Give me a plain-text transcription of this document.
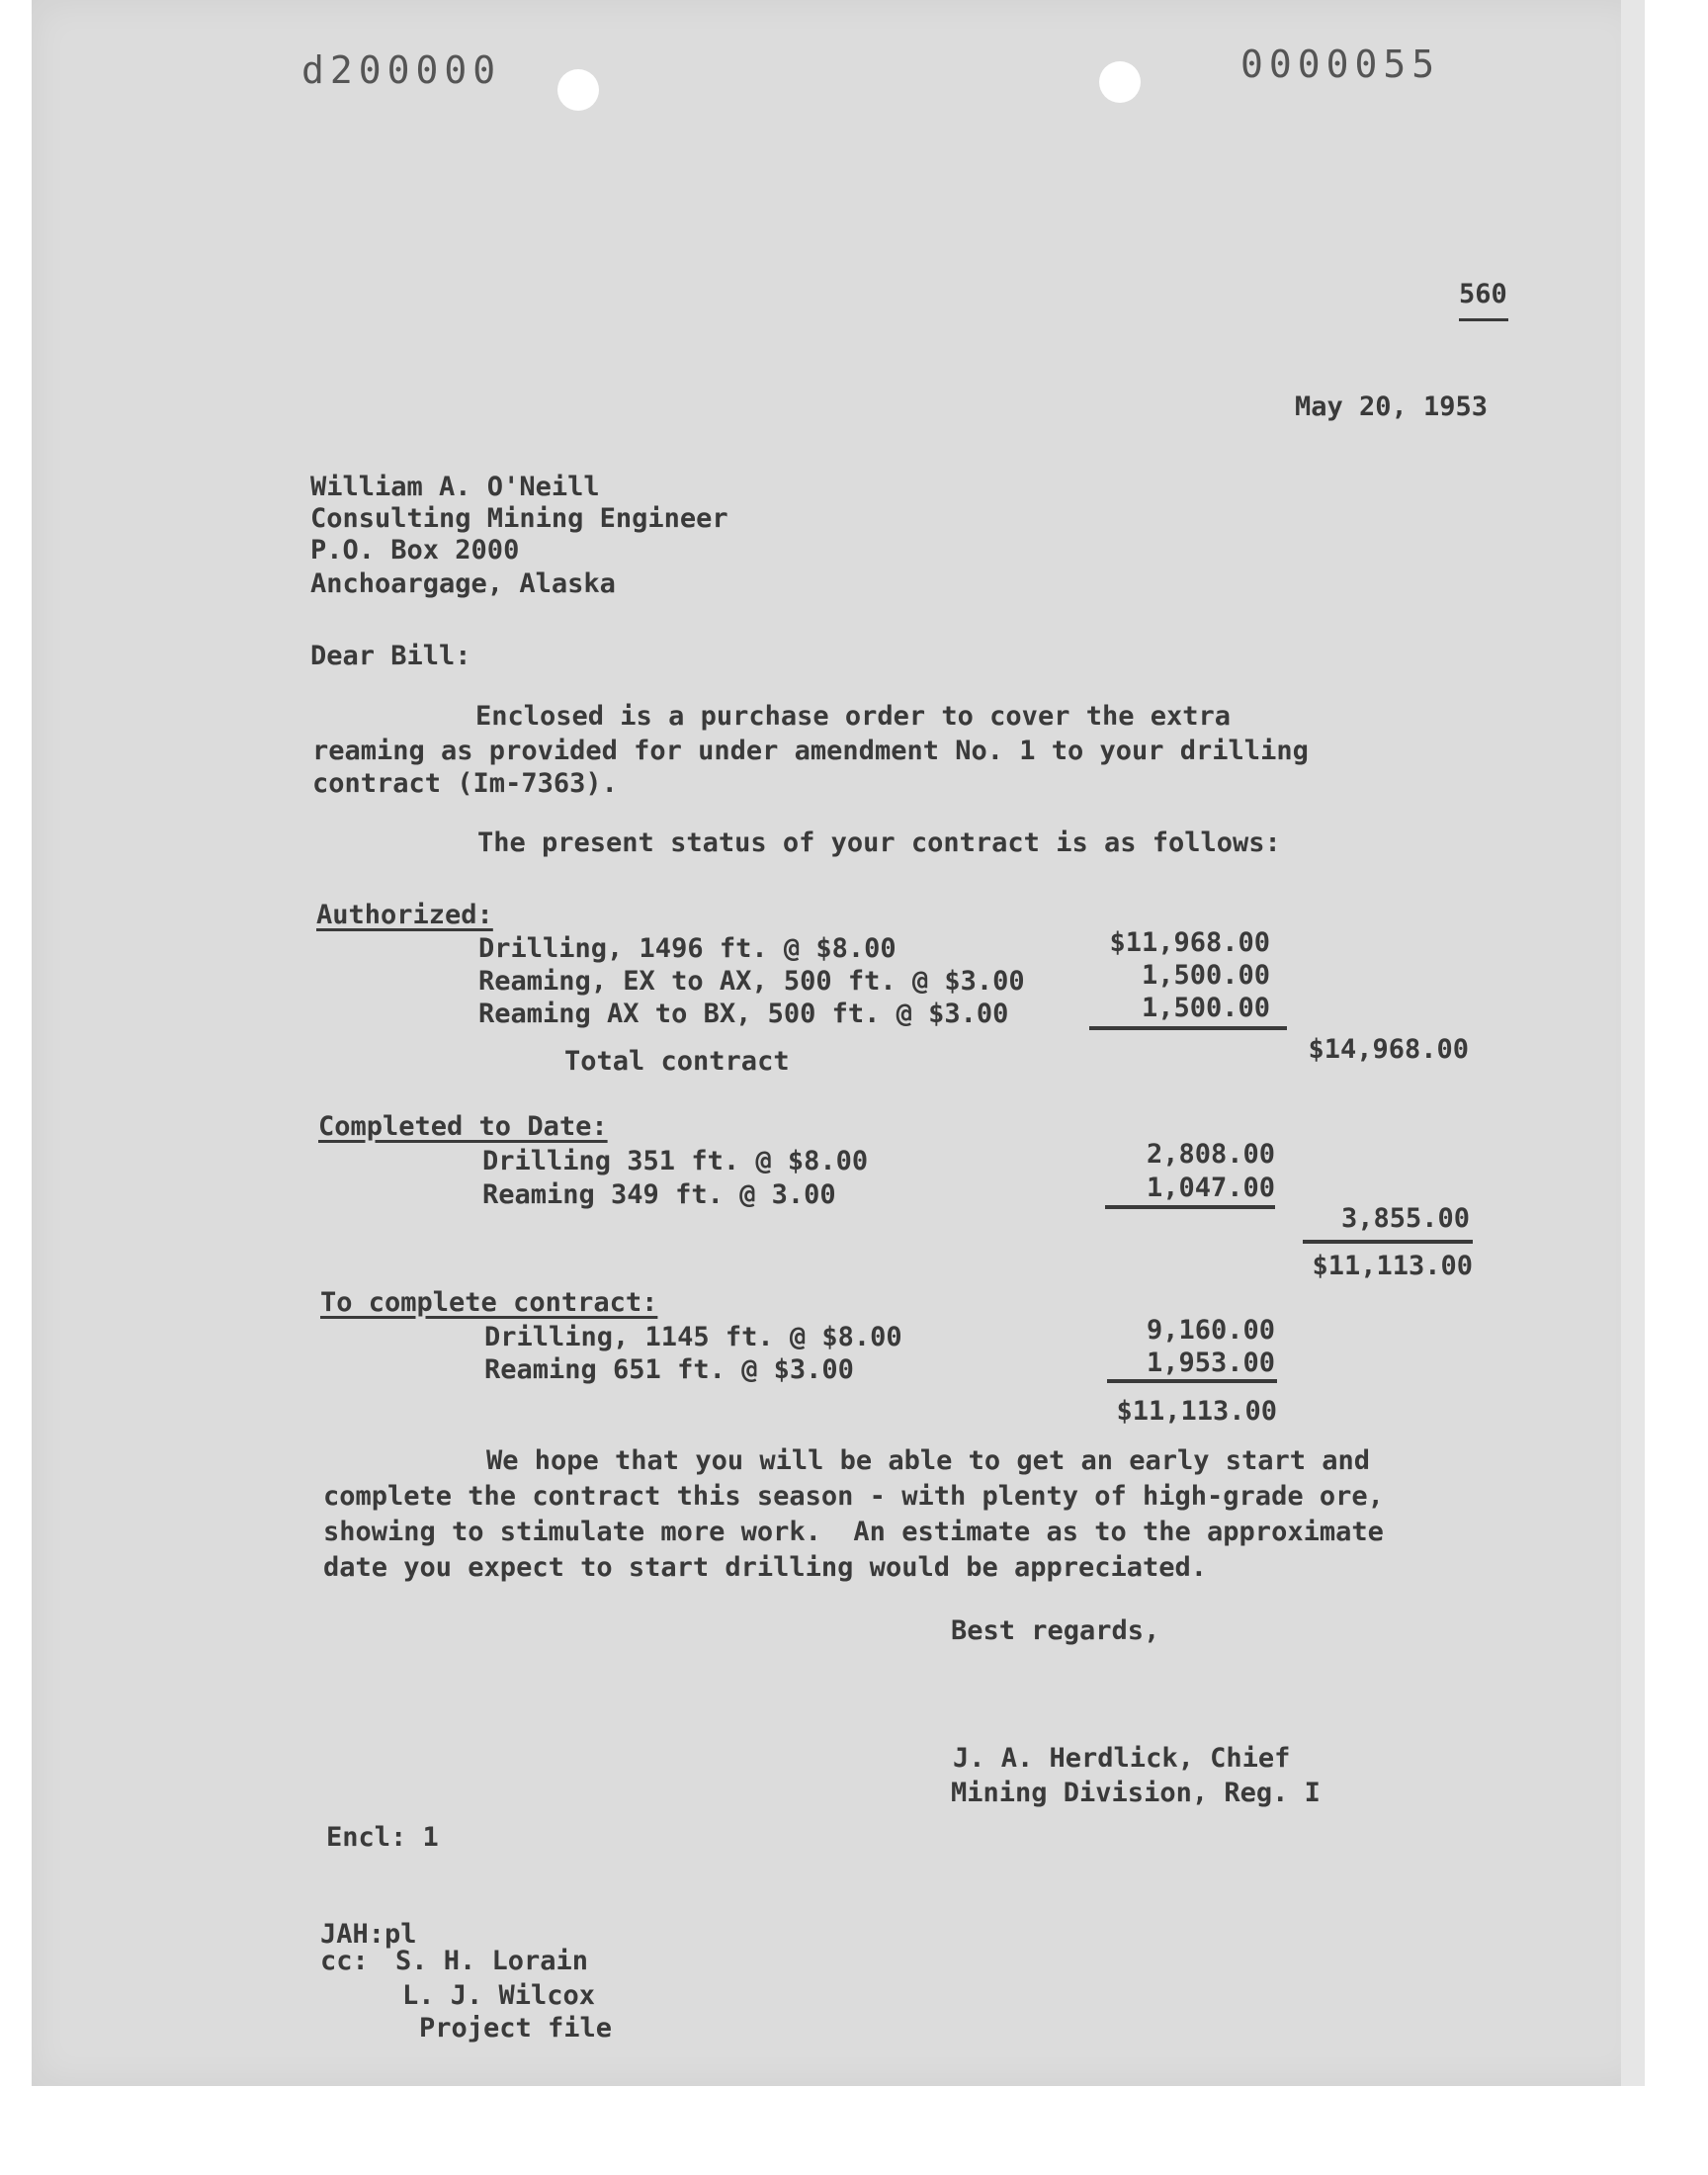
d200000	0000055
560
May 20, 1953
William A. O'Neill
Consulting Mining Engineer
P.O. Box 2000
Anchoargage, Alaska
Dear Bill:
Enclosed is a purchase order to cover the extra
reaming as provided for under amendment No. 1 to your drilling
contract (Im-7363).
The present status of your contract is as follows:
Authorized:
Drilling, 1496 ft. @ $8.00	$11,968.00
Reaming, EX to AX, 500 ft. @ $3.00	1,500.00
Reaming AX to BX, 500 ft. @ $3.00	1,500.00
Total contract	$14,968.00
Completed to Date:
Drilling 351 ft. @ $8.00	2,808.00
Reaming 349 ft. @ 3.00	1,047.00
3,855.00
$11,113.00
To complete contract:
Drilling, 1145 ft. @ $8.00	9,160.00
Reaming 651 ft. @ $3.00	1,953.00
$11,113.00
We hope that you will be able to get an early start and
complete the contract this season - with plenty of high-grade ore,
showing to stimulate more work.  An estimate as to the approximate
date you expect to start drilling would be appreciated.
Best regards,
J. A. Herdlick, Chief
Mining Division, Reg. I
Encl: 1
JAH:pl
cc: S. H. Lorain
L. J. Wilcox
Project file
